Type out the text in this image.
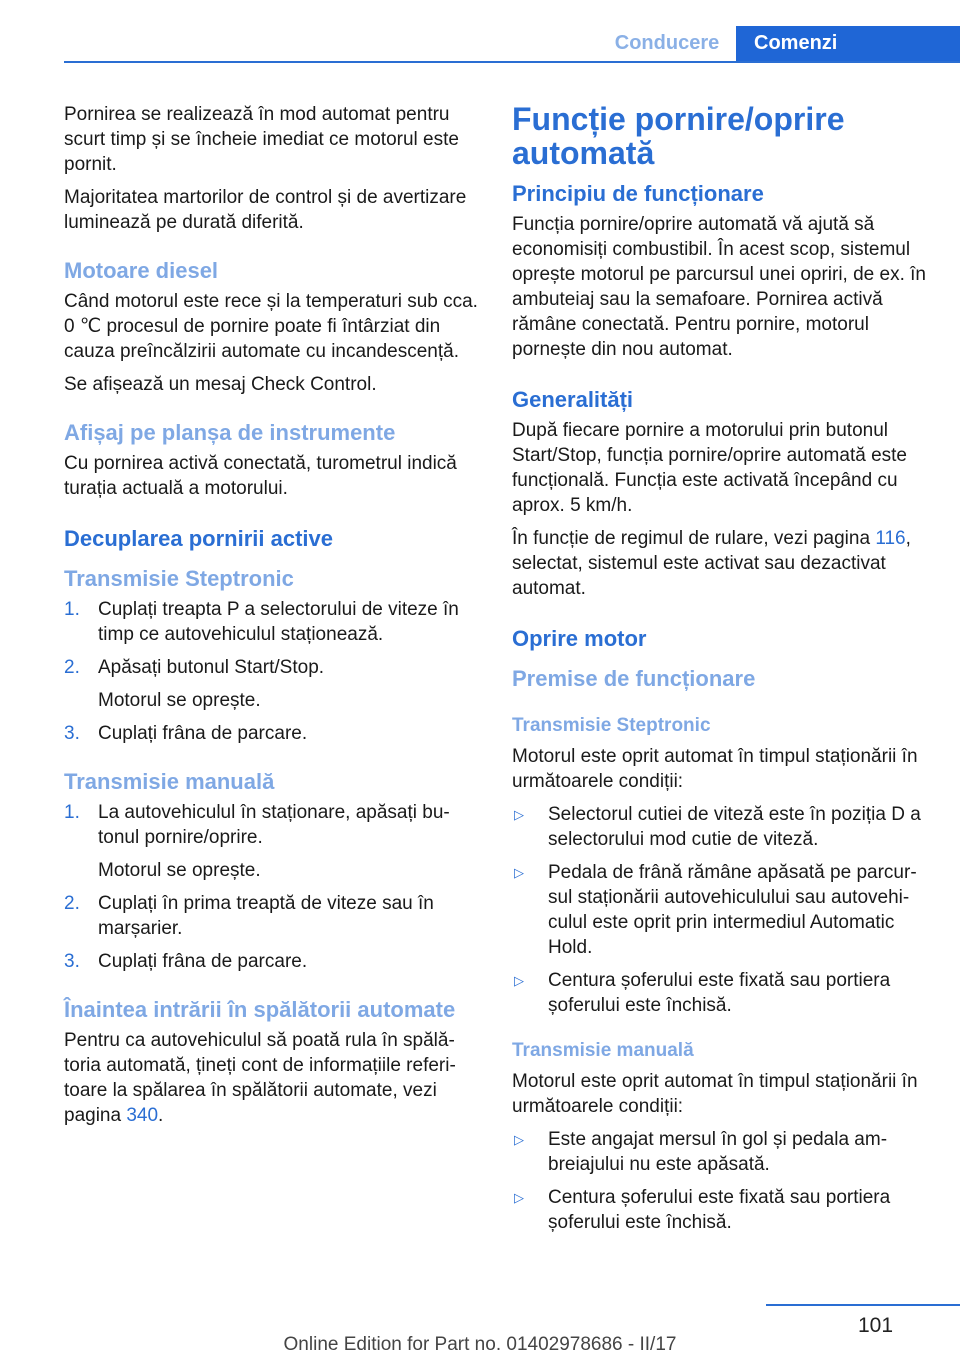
Conducere	Comenzi

Pornirea se realizează în mod automat pentru scurt timp și se încheie imediat ce motorul este pornit.

Majoritatea martorilor de control și de avertizare luminează pe durată diferită.

Motoare diesel

Când motorul este rece și la temperaturi sub cca. 0 ℃ procesul de pornire poate fi întârziat din cauza preîncălzirii automate cu incandescență.

Se afișează un mesaj Check Control.

Afișaj pe planșa de instrumente

Cu pornirea activă conectată, turometrul indică turația actuală a motorului.

Decuplarea pornirii active
Transmisie Steptronic
1. Cuplați treapta P a selectorului de viteze în timp ce autovehiculul staționează.
2. Apăsați butonul Start/Stop.
Motorul se oprește.
3. Cuplați frâna de parcare.
Transmisie manuală
1. La autovehiculul în staționare, apăsați butonul pornire/oprire.
Motorul se oprește.
2. Cuplați în prima treaptă de viteze sau în marșarier.
3. Cuplați frâna de parcare.
Înaintea intrării în spălătorii automate

Pentru ca autovehiculul să poată rula în spălătoria automată, țineți cont de informațiile referitoare la spălarea în spălătorii automate, vezi pagina 340.

Funcție pornire/oprire automată
Principiu de funcționare

Funcția pornire/oprire automată vă ajută să economisiți combustibil. În acest scop, sistemul oprește motorul pe parcursul unei opriri, de ex. în ambuteiaj sau la semafoare. Pornirea activă rămâne conectată. Pentru pornire, motorul pornește din nou automat.

Generalități

După fiecare pornire a motorului prin butonul Start/Stop, funcția pornire/oprire automată este funcțională. Funcția este activată începând cu aprox. 5 km/h.

În funcție de regimul de rulare, vezi pagina 116, selectat, sistemul este activat sau dezactivat automat.

Oprire motor
Premise de funcționare
Transmisie Steptronic

Motorul este oprit automat în timpul staționării în următoarele condiții:

▷	Selectorul cutiei de viteză este în poziția D a selectorului mod cutie de viteză.
▷	Pedala de frână rămâne apăsată pe parcursul staționării autovehiculului sau autovehiculul este oprit prin intermediul Automatic Hold.
▷	Centura șoferului este fixată sau portiera șoferului este închisă.
Transmisie manuală

Motorul este oprit automat în timpul staționării în următoarele condiții:

▷	Este angajat mersul în gol și pedala ambreiajului nu este apăsată.
▷	Centura șoferului este fixată sau portiera șoferului este închisă.
101
Online Edition for Part no. 01402978686 - II/17
